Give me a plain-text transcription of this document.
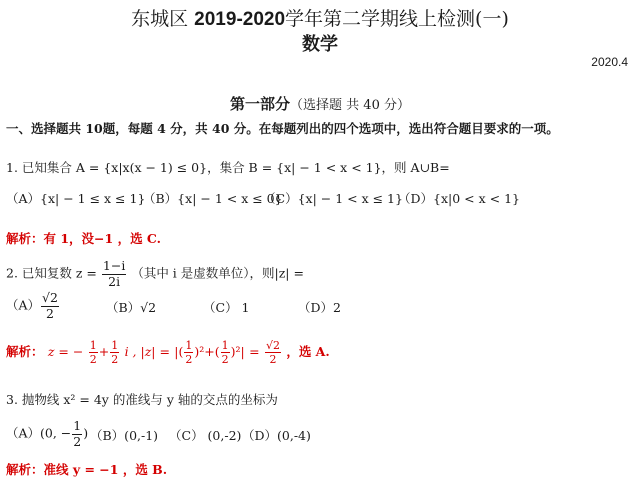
东城区 2019-2020学年第二学期线上检测(一)
数学
2020.4
第一部分（选择题 共 40 分）
一、选择题共 10题，每题 4 分，共 40 分。在每题列出的四个选项中，选出符合题目要求的一项。
1. 已知集合 A = {x|x(x − 1) ≤ 0}，集合 B = {x| − 1 < x < 1}，则 A∪B=
（A）{x| − 1 ≤ x ≤ 1}
（B）{x| − 1 < x ≤ 0}
（C）{x| − 1 < x ≤ 1}
（D）{x|0 < x < 1}
解析：有 1，没−1 ，选 C.
2. 已知复数 $z = \frac{1-i}{2i}$ （其中 i 是虚数单位），则|z| =
$(A) \frac{√2}{2}$	（B）√2	（C） 1	（D）2
解析： z = − $\frac{1}{2} + \frac{1}{2}$ i , |z| = |( $\frac{1}{2} )^2+( \frac{1}{2} )^2| = \frac{√2}{2}$ ，选 A.
3. 抛物线 x² = 4y 的准线与 y 轴的交点的坐标为
（A）(0, − $\frac{1}{2}$ ) （B）(0,-1) （C） (0,-2) （D）(0,-4)
解析：准线 y = −1 ，选 B.
